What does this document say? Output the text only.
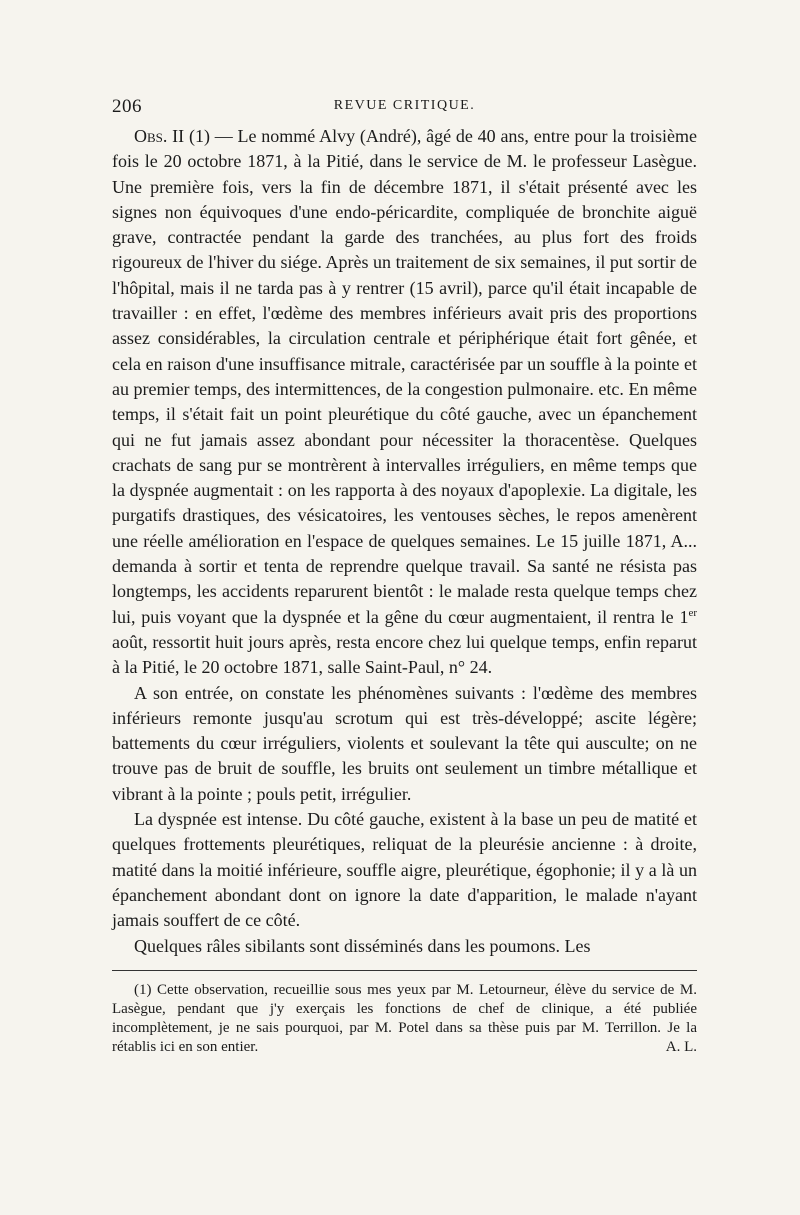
206	REVUE CRITIQUE.

Obs. II (1) — Le nommé Alvy (André), âgé de 40 ans, entre pour la troisième fois le 20 octobre 1871, à la Pitié, dans le service de M. le professeur Lasègue. Une première fois, vers la fin de décembre 1871, il s'était présenté avec les signes non équivoques d'une endo-péricardite, compliquée de bronchite aiguë grave, contractée pendant la garde des tranchées, au plus fort des froids rigoureux de l'hiver du siége. Après un traitement de six semaines, il put sortir de l'hôpital, mais il ne tarda pas à y rentrer (15 avril), parce qu'il était incapable de travailler : en effet, l'œdème des membres inférieurs avait pris des proportions assez considérables, la circulation centrale et périphérique était fort gênée, et cela en raison d'une insuffisance mitrale, caractérisée par un souffle à la pointe et au premier temps, des intermittences, de la congestion pulmonaire. etc. En même temps, il s'était fait un point pleurétique du côté gauche, avec un épanchement qui ne fut jamais assez abondant pour nécessiter la thoracentèse. Quelques crachats de sang pur se montrèrent à intervalles irréguliers, en même temps que la dyspnée augmentait : on les rapporta à des noyaux d'apoplexie. La digitale, les purgatifs drastiques, des vésicatoires, les ventouses sèches, le repos amenèrent une réelle amélioration en l'espace de quelques semaines. Le 15 juille 1871, A... demanda à sortir et tenta de reprendre quelque travail. Sa santé ne résista pas longtemps, les accidents reparurent bientôt : le malade resta quelque temps chez lui, puis voyant que la dyspnée et la gêne du cœur augmentaient, il rentra le 1er août, ressortit huit jours après, resta encore chez lui quelque temps, enfin reparut à la Pitié, le 20 octobre 1871, salle Saint-Paul, n° 24.

A son entrée, on constate les phénomènes suivants : l'œdème des membres inférieurs remonte jusqu'au scrotum qui est très-développé; ascite légère; battements du cœur irréguliers, violents et soulevant la tête qui ausculte; on ne trouve pas de bruit de souffle, les bruits ont seulement un timbre métallique et vibrant à la pointe ; pouls petit, irrégulier.

La dyspnée est intense. Du côté gauche, existent à la base un peu de matité et quelques frottements pleurétiques, reliquat de la pleurésie ancienne : à droite, matité dans la moitié inférieure, souffle aigre, pleurétique, égophonie; il y a là un épanchement abondant dont on ignore la date d'apparition, le malade n'ayant jamais souffert de ce côté.

Quelques râles sibilants sont disséminés dans les poumons. Les

(1) Cette observation, recueillie sous mes yeux par M. Letourneur, élève du service de M. Lasègue, pendant que j'y exerçais les fonctions de chef de clinique, a été publiée incomplètement, je ne sais pourquoi, par M. Potel dans sa thèse puis par M. Terrillon. Je la rétablis ici en son entier.	A. L.
